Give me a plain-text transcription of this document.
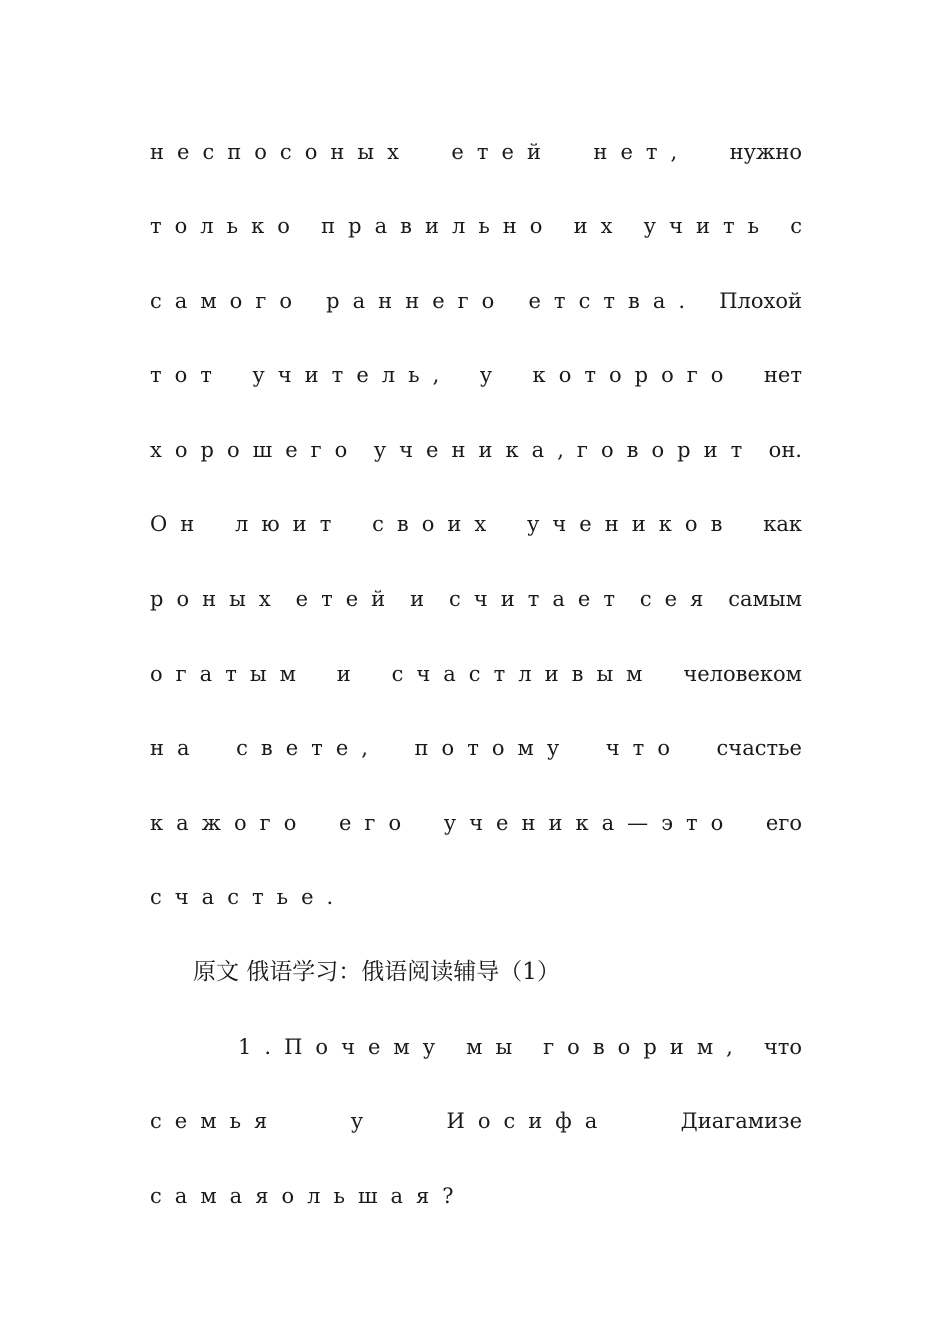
неспосоных етей нет, нужно
только правильно их учить с
самого раннего етства. Плохой
тот учитель, у которого нет
хорошего ученика,говорит он.
Он люит своих учеников как
роных етей и считает сея самым
огатым и счастливым человеком
на свете, потому что счастье
кажого его ученика—это его
счастье.
原文 俄语学习：俄语阅读辅导（1）
1.Почему мы говорим, что
семья	у	Иосифа	Диагамизе
самая ольшая?
